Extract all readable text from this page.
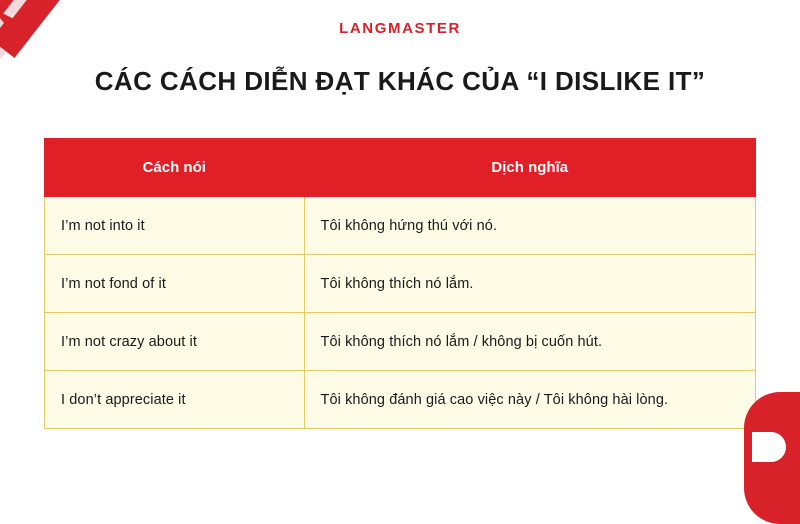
LANGMASTER
CÁC CÁCH DIỄN ĐẠT KHÁC CỦA “I DISLIKE IT”
Cách nói	Dịch nghĩa
I’m not into it	Tôi không hứng thú với nó.
I’m not fond of it	Tôi không thích nó lắm.
I’m not crazy about it	Tôi không thích nó lắm / không bị cuốn hút.
I don’t appreciate it	Tôi không đánh giá cao việc này / Tôi không hài lòng.
